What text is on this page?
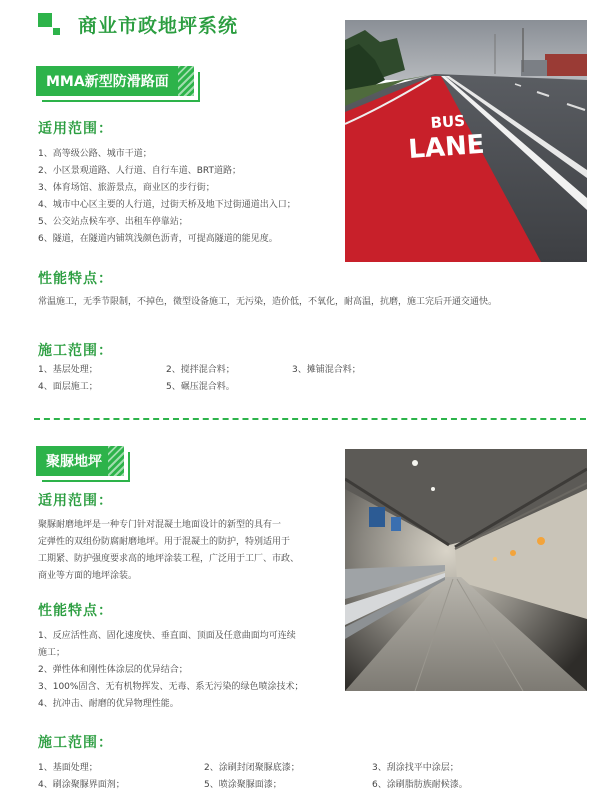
商业市政地坪系统
MMA新型防滑路面
适用范围：
1、高等级公路、城市干道；
2、小区景观道路、人行道、自行车道、BRT道路；
3、体育场馆、旅游景点，商业区的步行街；
4、城市中心区主要的人行道，过街天桥及地下过街通道出入口；
5、公交站点候车亭、出租车停靠站；
6、隧道，在隧道内铺筑浅颜色沥青，可提高隧道的能见度。
性能特点：
常温施工，无季节限制，不掉色，微型设备施工，无污染，造价低，不氧化，耐高温，抗磨，施工完后开通交通快。
施工范围：
1、基层处理；	2、搅拌混合料；	3、摊铺混合料；
4、面层施工；	5、碾压混合料。
BUS
LANE
聚脲地坪
适用范围：
聚脲耐磨地坪是一种专门针对混凝土地面设计的新型的具有一
定弹性的双组份防腐耐磨地坪。用于混凝土的防护，特别适用于
工期紧、防护强度要求高的地坪涂装工程，广泛用于工厂、市政、
商业等方面的地坪涂装。
性能特点：
1、反应活性高、固化速度快、垂直面、顶面及任意曲面均可连续
施工；
2、弹性体和刚性体涂层的优异结合；
3、100%固含、无有机物挥发、无毒、系无污染的绿色喷涂技术；
4、抗冲击、耐磨的优异物理性能。
施工范围：
1、基面处理；	2、涂刷封闭聚脲底漆；	3、刮涂找平中涂层；
4、刷涂聚脲界面剂；	5、喷涂聚脲面漆；	6、涂刷脂肪族耐候漆。
